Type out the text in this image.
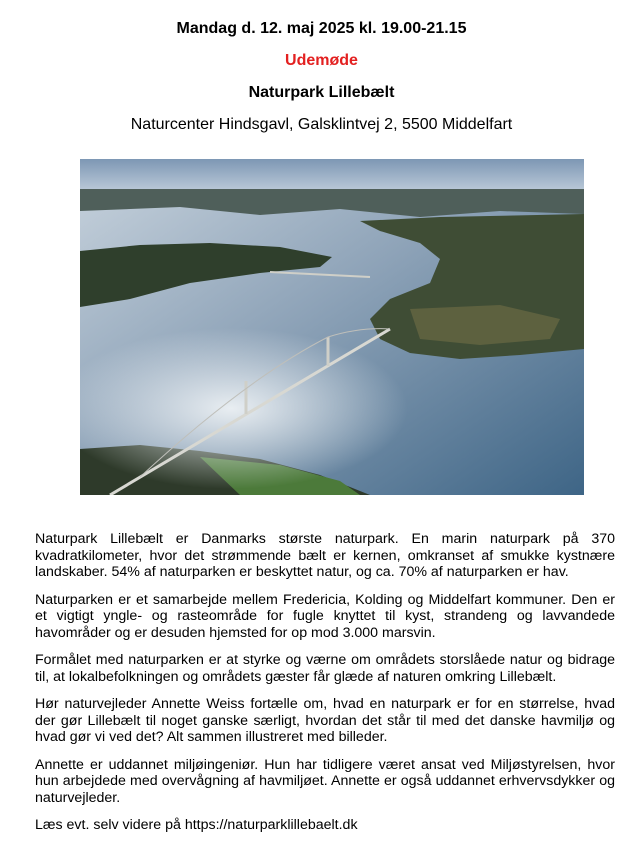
Mandag d. 12. maj 2025 kl. 19.00-21.15
Udemøde
Naturpark Lillebælt
Naturcenter Hindsgavl, Galsklintvej 2, 5500 Middelfart

Naturpark Lillebælt er Danmarks største naturpark. En marin naturpark på 370 kvadratkilometer, hvor det strømmende bælt er kernen, omkranset af smukke kystnære landskaber. 54% af naturparken er beskyttet natur, og ca. 70% af naturparken er hav.

Naturparken er et samarbejde mellem Fredericia, Kolding og Middelfart kommuner. Den er et vigtigt yngle- og rasteområde for fugle knyttet til kyst, strandeng og lavvandede havområder og er desuden hjemsted for op mod 3.000 marsvin.

Formålet med naturparken er at styrke og værne om områdets storslåede natur og bidrage til, at lokalbefolkningen og områdets gæster får glæde af naturen omkring Lillebælt.

Hør naturvejleder Annette Weiss fortælle om, hvad en naturpark er for en størrelse, hvad der gør Lillebælt til noget ganske særligt, hvordan det står til med det danske havmiljø og hvad gør vi ved det? Alt sammen illustreret med billeder.

Annette er uddannet miljøingeniør. Hun har tidligere været ansat ved Miljøstyrelsen, hvor hun arbejdede med overvågning af havmiljøet. Annette er også uddannet erhvervsdykker og naturvejleder.

Læs evt. selv videre på https://naturparklillebaelt.dk
